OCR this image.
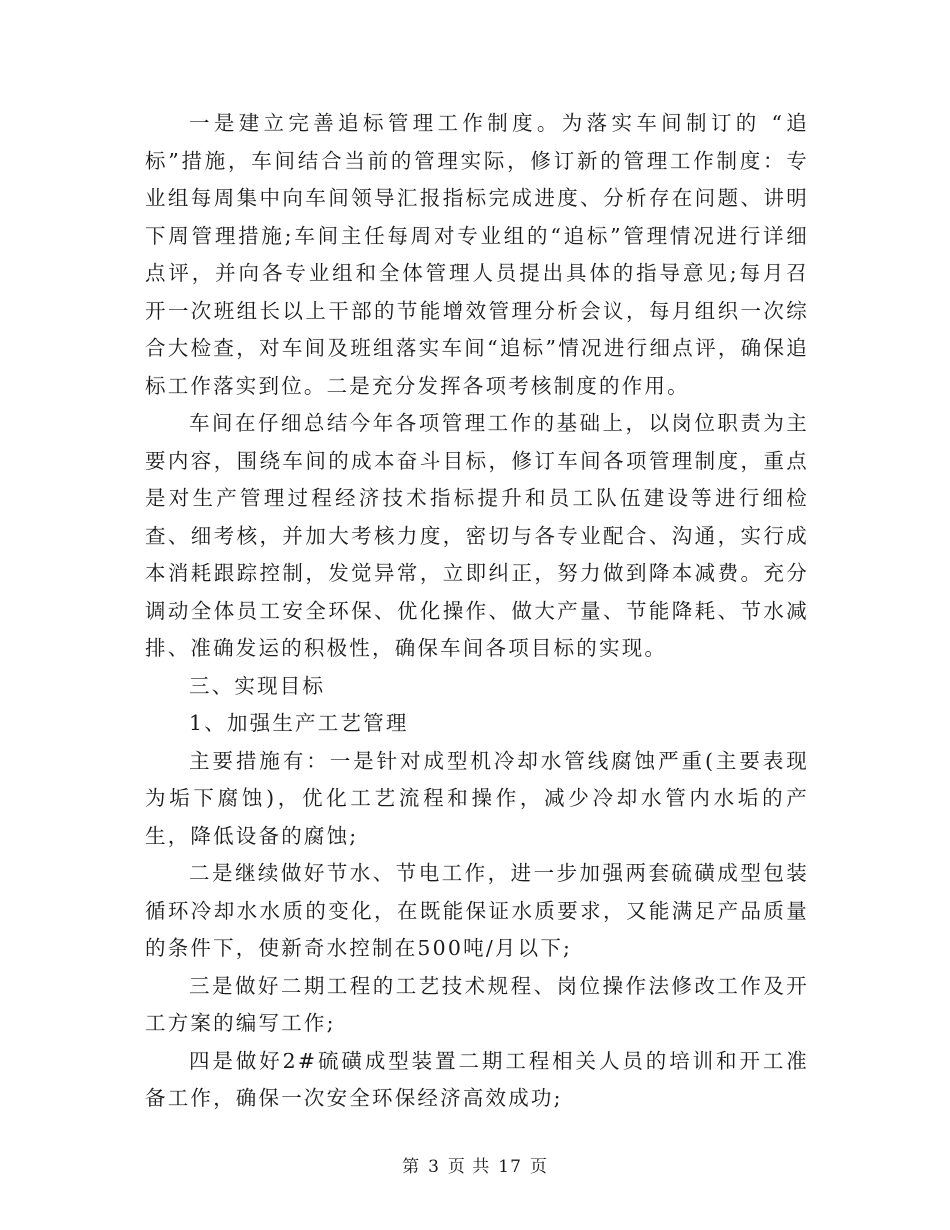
一是建立完善追标管理工作制度。为落实车间制订的 “追标”措施，车间结合当前的管理实际，修订新的管理工作制度：专业组每周集中向车间领导汇报指标完成进度、分析存在问题、讲明下周管理措施;车间主任每周对专业组的“追标”管理情况进行详细点评，并向各专业组和全体管理人员提出具体的指导意见;每月召开一次班组长以上干部的节能增效管理分析会议，每月组织一次综合大检查，对车间及班组落实车间“追标”情况进行细点评，确保追标工作落实到位。二是充分发挥各项考核制度的作用。

车间在仔细总结今年各项管理工作的基础上，以岗位职责为主要内容，围绕车间的成本奋斗目标，修订车间各项管理制度，重点是对生产管理过程经济技术指标提升和员工队伍建设等进行细检查、细考核，并加大考核力度，密切与各专业配合、沟通，实行成本消耗跟踪控制，发觉异常，立即纠正，努力做到降本减费。充分调动全体员工安全环保、优化操作、做大产量、节能降耗、节水减排、准确发运的积极性，确保车间各项目标的实现。

三、实现目标

1、加强生产工艺管理

主要措施有：一是针对成型机冷却水管线腐蚀严重(主要表现为垢下腐蚀)，优化工艺流程和操作，减少冷却水管内水垢的产生，降低设备的腐蚀;

二是继续做好节水、节电工作，进一步加强两套硫磺成型包装循环冷却水水质的变化，在既能保证水质要求，又能满足产品质量的条件下，使新奇水控制在500吨/月以下;

三是做好二期工程的工艺技术规程、岗位操作法修改工作及开工方案的编写工作;

四是做好2#硫磺成型装置二期工程相关人员的培训和开工准备工作，确保一次安全环保经济高效成功;

第 3 页 共 17 页
